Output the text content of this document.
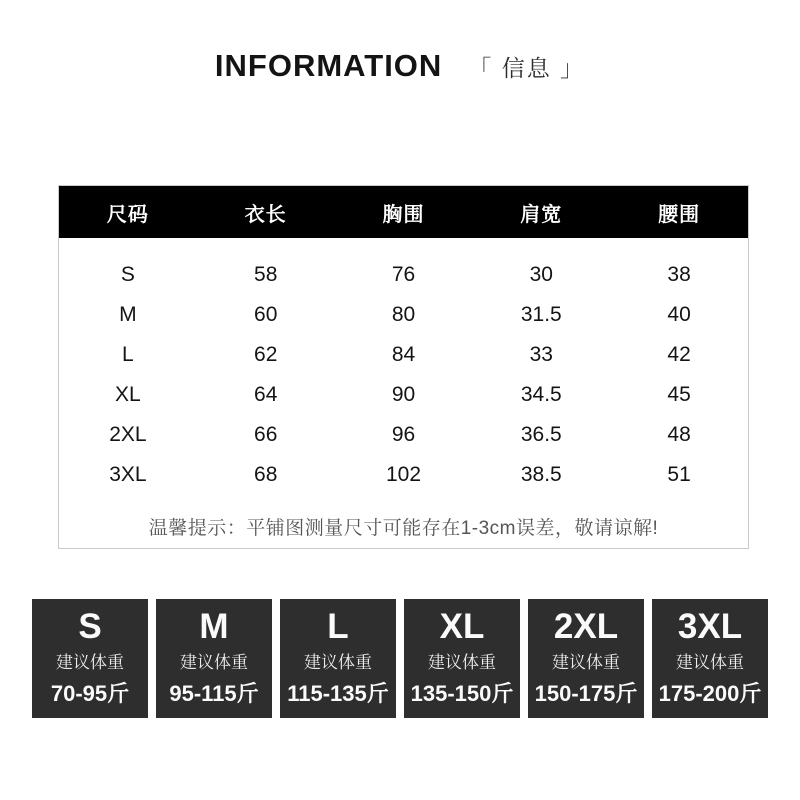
INFORMATION 「 信息 」
尺码	衣长	胸围	肩宽	腰围
S	58	76	30	38
M	60	80	31.5	40
L	62	84	33	42
XL	64	90	34.5	45
2XL	66	96	36.5	48
3XL	68	102	38.5	51
温馨提示：平铺图测量尺寸可能存在1-3cm误差，敬请谅解!
S
建议体重
70-95斤
M
建议体重
95-115斤
L
建议体重
115-135斤
XL
建议体重
135-150斤
2XL
建议体重
150-175斤
3XL
建议体重
175-200斤
